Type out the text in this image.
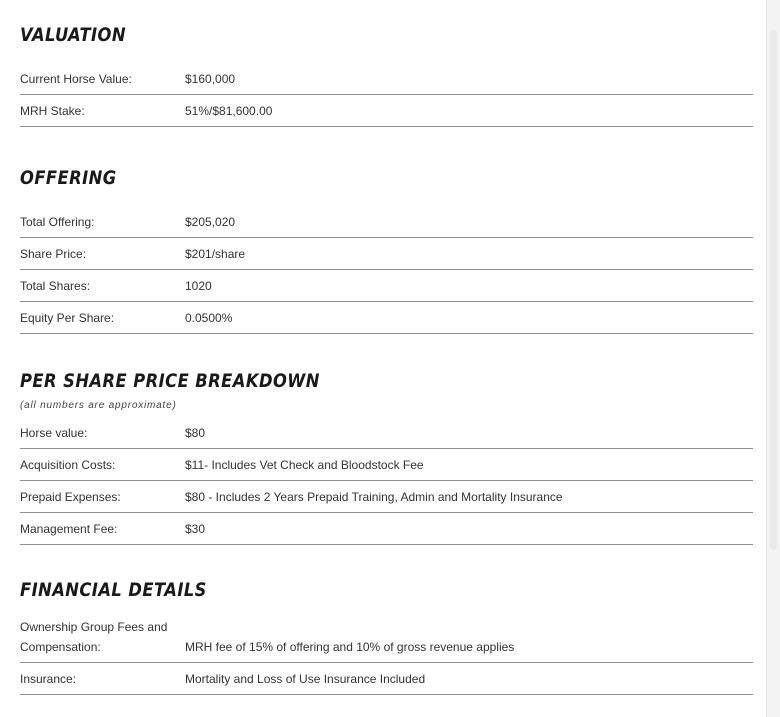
VALUATION
Current Horse Value:	$160,000
MRH Stake:	51%/$81,600.00
OFFERING
Total Offering:	$205,020
Share Price:	$201/share
Total Shares:	1020
Equity Per Share:	0.0500%
PER SHARE PRICE BREAKDOWN
(all numbers are approximate)
Horse value:	$80
Acquisition Costs:	$11- Includes Vet Check and Bloodstock Fee
Prepaid Expenses:	$80 - Includes 2 Years Prepaid Training, Admin and Mortality Insurance
Management Fee:	$30
FINANCIAL DETAILS
Ownership Group Fees and Compensation:	MRH fee of 15% of offering and 10% of gross revenue applies
Insurance:	Mortality and Loss of Use Insurance Included
